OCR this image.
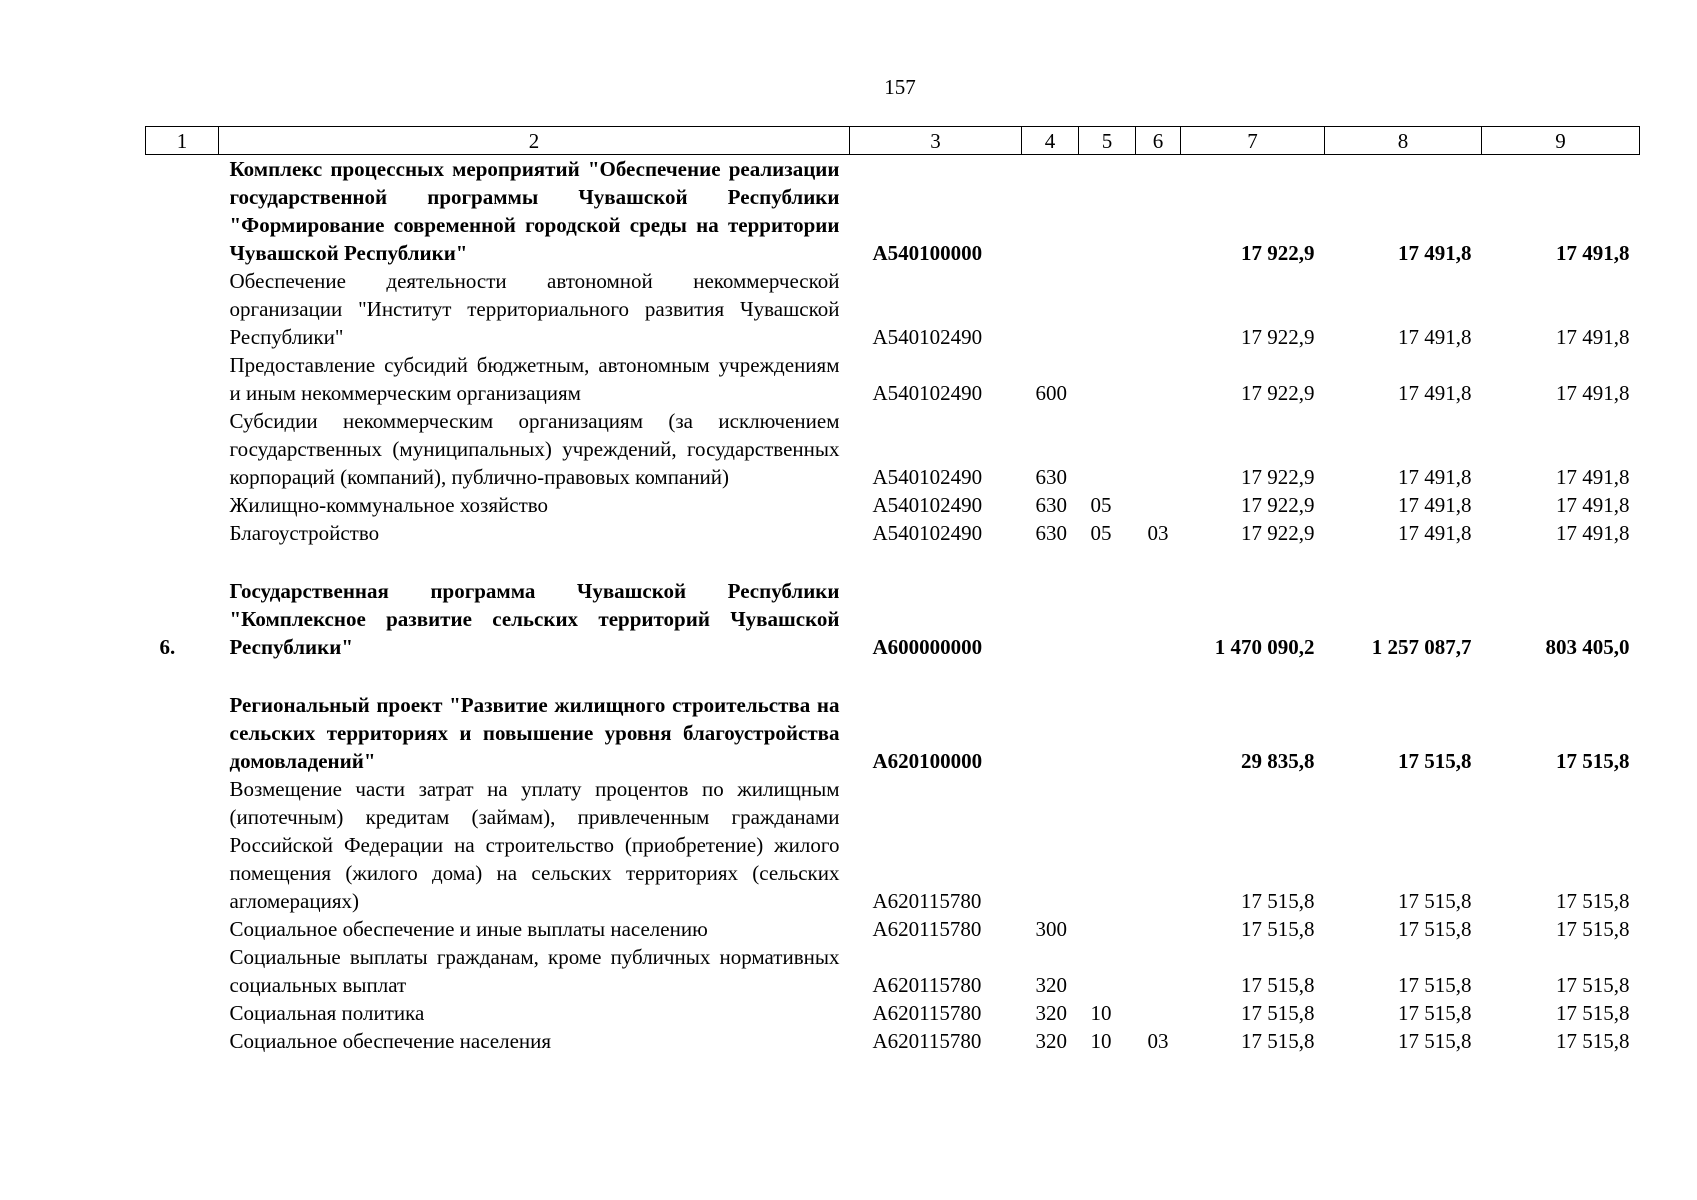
157
1	2	3	4	5	6	7	8	9
	Комплекс процессных мероприятий "Обеспечение реализации государственной программы Чувашской Республики "Формирование современной городской среды на территории Чувашской Республики"	А540100000				17 922,9	17 491,8	17 491,8
	Обеспечение деятельности автономной некоммерческой организации "Институт территориального развития Чувашской Республики"	А540102490				17 922,9	17 491,8	17 491,8
	Предоставление субсидий бюджетным, автономным учреждениям и иным некоммерческим организациям	А540102490	600			17 922,9	17 491,8	17 491,8
	Субсидии некоммерческим организациям (за исключением государственных (муниципальных) учреждений, государственных корпораций (компаний), публично-правовых компаний)	А540102490	630			17 922,9	17 491,8	17 491,8
	Жилищно-коммунальное хозяйство	А540102490	630	05		17 922,9	17 491,8	17 491,8
	Благоустройство	А540102490	630	05	03	17 922,9	17 491,8	17 491,8

6.	Государственная программа Чувашской Республики "Комплексное развитие сельских территорий Чувашской Республики"	А600000000				1 470 090,2	1 257 087,7	803 405,0

	Региональный проект "Развитие жилищного строительства на сельских территориях и повышение уровня благоустройства домовладений"	А620100000				29 835,8	17 515,8	17 515,8
	Возмещение части затрат на уплату процентов по жилищным (ипотечным) кредитам (займам), привлеченным гражданами Российской Федерации на строительство (приобретение) жилого помещения (жилого дома) на сельских территориях (сельских агломерациях)	А620115780				17 515,8	17 515,8	17 515,8
	Социальное обеспечение и иные выплаты населению	А620115780	300			17 515,8	17 515,8	17 515,8
	Социальные выплаты гражданам, кроме публичных нормативных социальных выплат	А620115780	320			17 515,8	17 515,8	17 515,8
	Социальная политика	А620115780	320	10		17 515,8	17 515,8	17 515,8
	Социальное обеспечение населения	А620115780	320	10	03	17 515,8	17 515,8	17 515,8
